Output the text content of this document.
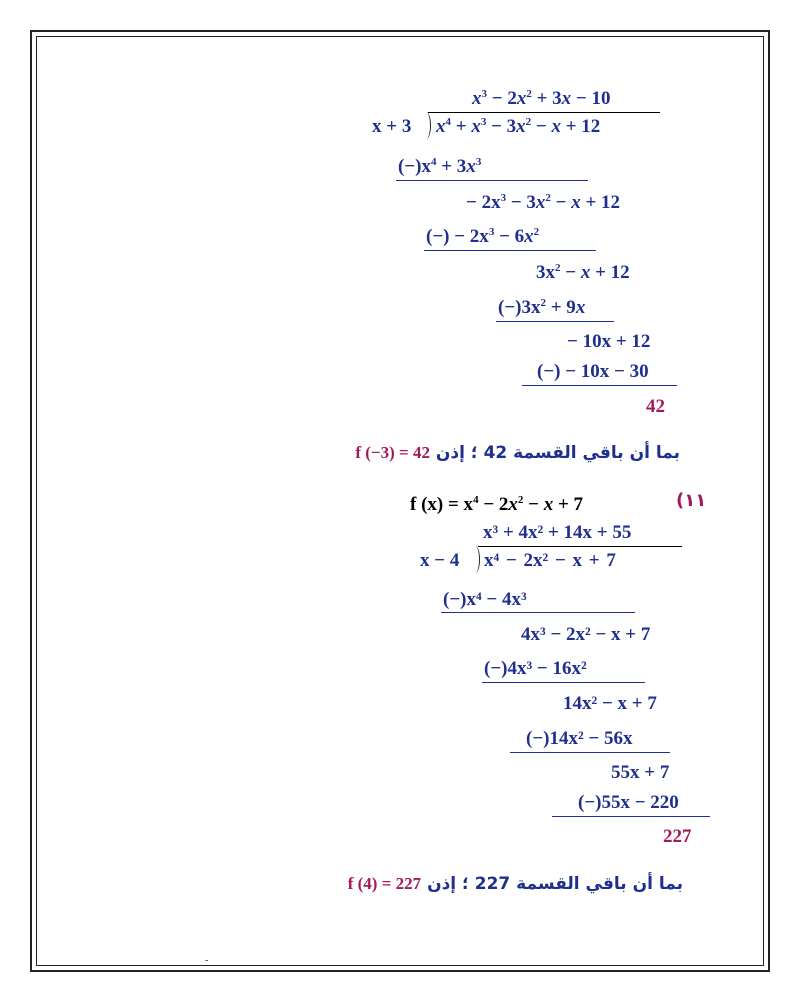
$x^3 - 2x^2 + 3x - 10$
x + 3 $x^4 + x^3 - 3x^2 - x + 12$
$(-)x^4 + 3x^3$
− $2x^3 - 3x^2 - x + 12$
(−) − $2x^3 - 6x^2$
$3x^2 - x + 12$
$(-)3x^2 + 9x$
− 10x + 12
(−) − 10x − 30
42
بما أن باقي القسمة 42 ؛ إذن f (−3) = 42
(١١
f $(x) = x^4 - 2x^2 - x + 7$
x³ + 4x² + 14x + 55
x − 4 x⁴ − 2x² − x + 7
(−)x⁴ − 4x³
4x³ − 2x² − x + 7
(−)4x³ − 16x²
14x² − x + 7
(−)14x² − 56x
55x + 7
(−)55x − 220
227
بما أن باقي القسمة 227 ؛ إذن f (4) = 227
-
